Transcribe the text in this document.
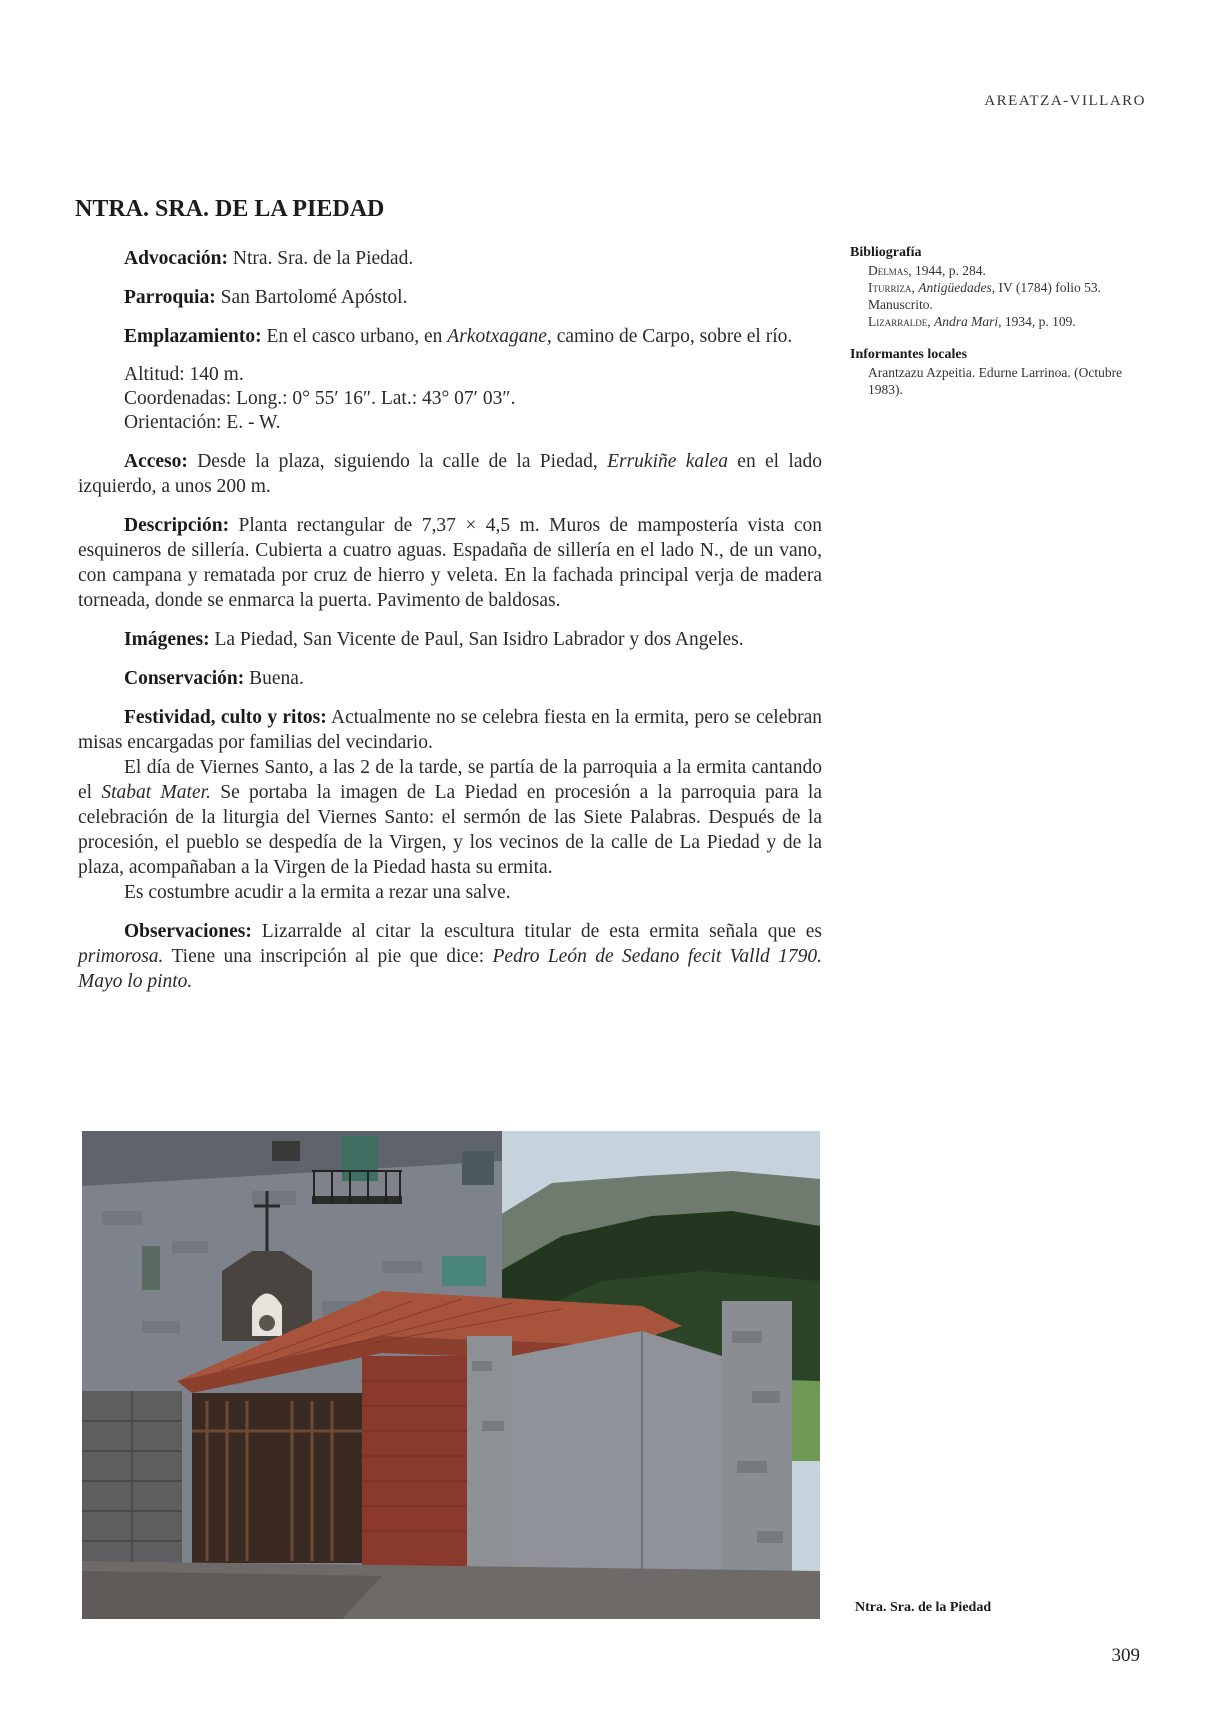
AREATZA-VILLARO
NTRA. SRA. DE LA PIEDAD

Advocación: Ntra. Sra. de la Piedad.

Parroquia: San Bartolomé Apóstol.

Emplazamiento: En el casco urbano, en Arkotxagane, camino de Carpo, sobre el río.

Altitud: 140 m.
Coordenadas: Long.: 0° 55′ 16″. Lat.: 43° 07′ 03″.
Orientación: E. - W.

Acceso: Desde la plaza, siguiendo la calle de la Piedad, Errukiñe kalea en el lado izquierdo, a unos 200 m.

Descripción: Planta rectangular de 7,37 × 4,5 m. Muros de mampostería vista con esquineros de sillería. Cubierta a cuatro aguas. Espadaña de sillería en el lado N., de un vano, con campana y rematada por cruz de hierro y veleta. En la fachada principal verja de madera torneada, donde se enmarca la puerta. Pavimento de baldosas.

Imágenes: La Piedad, San Vicente de Paul, San Isidro Labrador y dos Angeles.

Conservación: Buena.

Festividad, culto y ritos: Actualmente no se celebra fiesta en la ermita, pero se celebran misas encargadas por familias del vecindario.

El día de Viernes Santo, a las 2 de la tarde, se partía de la parroquia a la ermita cantando el Stabat Mater. Se portaba la imagen de La Piedad en procesión a la parroquia para la celebración de la liturgia del Viernes Santo: el sermón de las Siete Palabras. Después de la procesión, el pueblo se despedía de la Virgen, y los vecinos de la calle de La Piedad y de la plaza, acompañaban a la Virgen de la Piedad hasta su ermita.

Es costumbre acudir a la ermita a rezar una salve.

Observaciones: Lizarralde al citar la escultura titular de esta ermita señala que es primorosa. Tiene una inscripción al pie que dice: Pedro León de Sedano fecit Valld 1790. Mayo lo pinto.

Bibliografía
Delmas, 1944, p. 284.
Iturriza, Antigüedades, IV (1784) folio 53. Manuscrito.
Lizarralde, Andra Mari, 1934, p. 109.
Informantes locales
Arantzazu Azpeitia. Edurne Larrinoa. (Octubre 1983).
Ntra. Sra. de la Piedad
309
